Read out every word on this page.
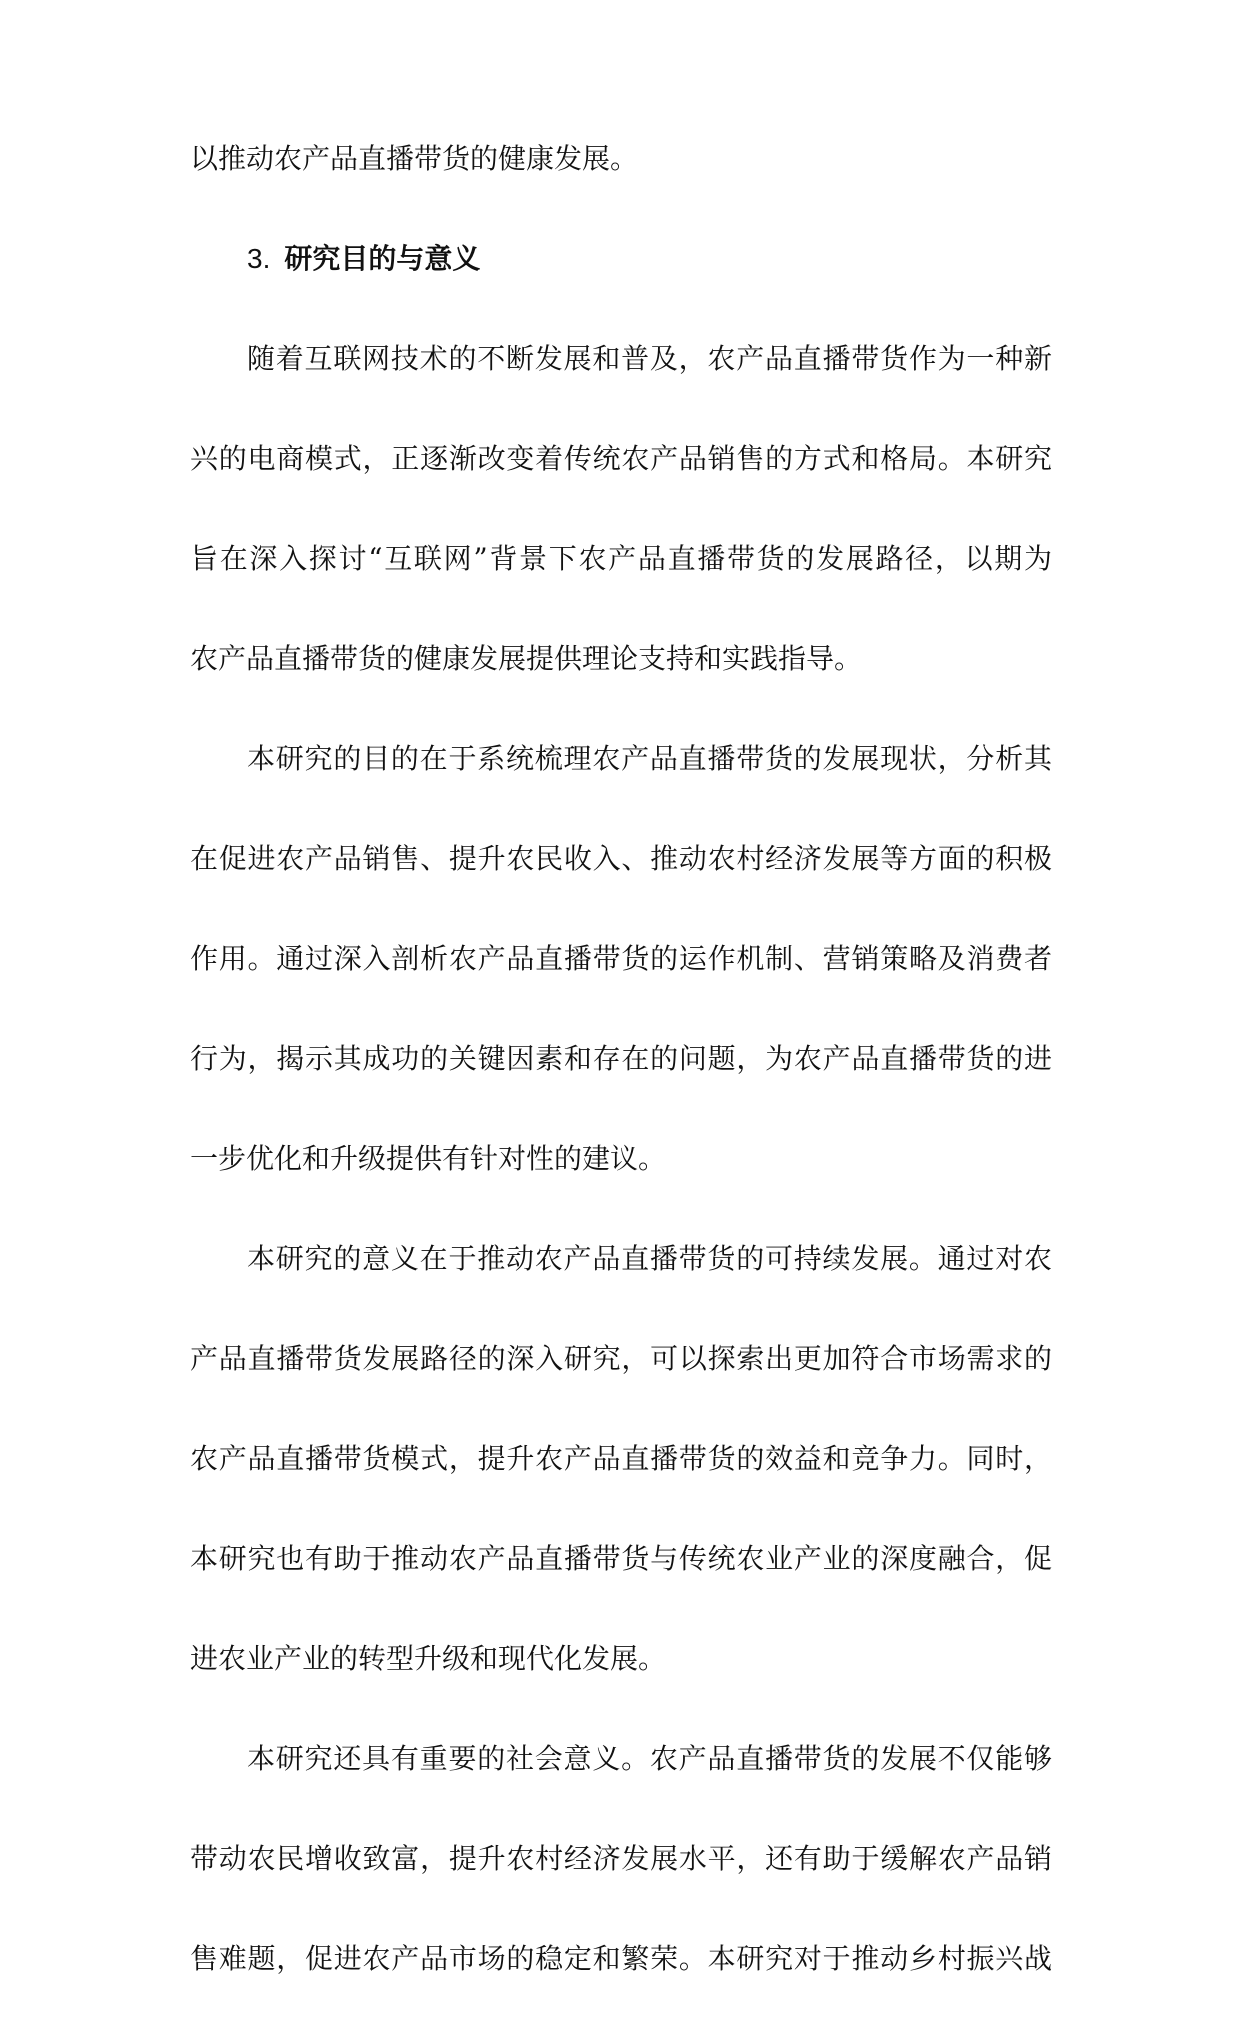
以推动农产品直播带货的健康发展。
3. 研究目的与意义
随着互联网技术的不断发展和普及，农产品直播带货作为一种新
兴的电商模式，正逐渐改变着传统农产品销售的方式和格局。本研究
旨在深入探讨“互联网”背景下农产品直播带货的发展路径，以期为
农产品直播带货的健康发展提供理论支持和实践指导。
本研究的目的在于系统梳理农产品直播带货的发展现状，分析其
在促进农产品销售、提升农民收入、推动农村经济发展等方面的积极
作用。通过深入剖析农产品直播带货的运作机制、营销策略及消费者
行为，揭示其成功的关键因素和存在的问题，为农产品直播带货的进
一步优化和升级提供有针对性的建议。
本研究的意义在于推动农产品直播带货的可持续发展。通过对农
产品直播带货发展路径的深入研究，可以探索出更加符合市场需求的
农产品直播带货模式，提升农产品直播带货的效益和竞争力。同时，
本研究也有助于推动农产品直播带货与传统农业产业的深度融合，促
进农业产业的转型升级和现代化发展。
本研究还具有重要的社会意义。农产品直播带货的发展不仅能够
带动农民增收致富，提升农村经济发展水平，还有助于缓解农产品销
售难题，促进农产品市场的稳定和繁荣。本研究对于推动乡村振兴战
